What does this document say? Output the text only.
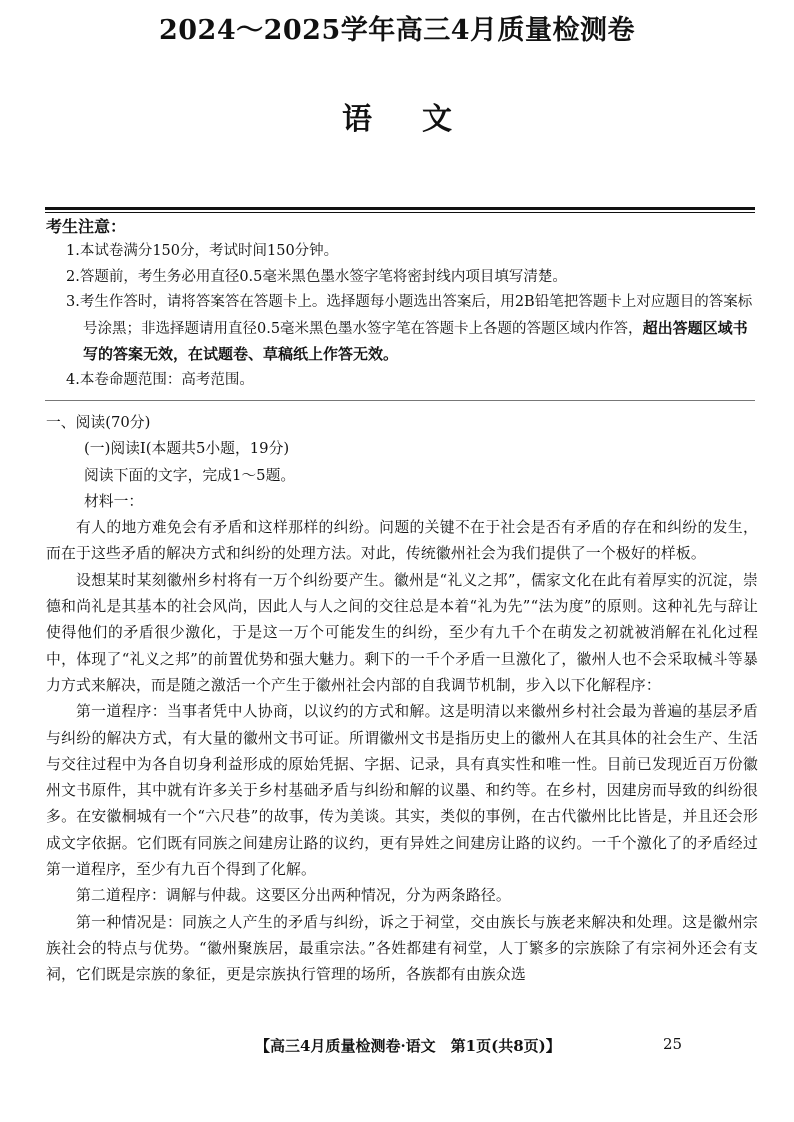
2024～2025学年高三4月质量检测卷
语文
考生注意：
1.本试卷满分150分，考试时间150分钟。
2.答题前，考生务必用直径0.5毫米黑色墨水签字笔将密封线内项目填写清楚。
3.考生作答时，请将答案答在答题卡上。选择题每小题选出答案后，用2B铅笔把答题卡上对应题目的答案标号涂黑；非选择题请用直径0.5毫米黑色墨水签字笔在答题卡上各题的答题区域内作答，超出答题区域书写的答案无效，在试题卷、草稿纸上作答无效。
4.本卷命题范围：高考范围。
一、阅读(70分)
(一)阅读Ⅰ(本题共5小题，19分)
阅读下面的文字，完成1～5题。
材料一：
有人的地方难免会有矛盾和这样那样的纠纷。问题的关键不在于社会是否有矛盾的存在和纠纷的发生，而在于这些矛盾的解决方式和纠纷的处理方法。对此，传统徽州社会为我们提供了一个极好的样板。
设想某时某刻徽州乡村将有一万个纠纷要产生。徽州是“礼义之邦”，儒家文化在此有着厚实的沉淀，崇德和尚礼是其基本的社会风尚，因此人与人之间的交往总是本着“礼为先”“法为度”的原则。这种礼先与辞让使得他们的矛盾很少激化，于是这一万个可能发生的纠纷，至少有九千个在萌发之初就被消解在礼化过程中，体现了“礼义之邦”的前置优势和强大魅力。剩下的一千个矛盾一旦激化了，徽州人也不会采取械斗等暴力方式来解决，而是随之激活一个产生于徽州社会内部的自我调节机制，步入以下化解程序：
第一道程序：当事者凭中人协商，以议约的方式和解。这是明清以来徽州乡村社会最为普遍的基层矛盾与纠纷的解决方式，有大量的徽州文书可证。所谓徽州文书是指历史上的徽州人在其具体的社会生产、生活与交往过程中为各自切身利益形成的原始凭据、字据、记录，具有真实性和唯一性。目前已发现近百万份徽州文书原件，其中就有许多关于乡村基础矛盾与纠纷和解的议墨、和约等。在乡村，因建房而导致的纠纷很多。在安徽桐城有一个“六尺巷”的故事，传为美谈。其实，类似的事例，在古代徽州比比皆是，并且还会形成文字依据。它们既有同族之间建房让路的议约，更有异姓之间建房让路的议约。一千个激化了的矛盾经过第一道程序，至少有九百个得到了化解。
第二道程序：调解与仲裁。这要区分出两种情况，分为两条路径。
第一种情况是：同族之人产生的矛盾与纠纷，诉之于祠堂，交由族长与族老来解决和处理。这是徽州宗族社会的特点与优势。“徽州聚族居，最重宗法。”各姓都建有祠堂，人丁繁多的宗族除了有宗祠外还会有支祠，它们既是宗族的象征，更是宗族执行管理的场所，各族都有由族众选
【高三4月质量检测卷·语文　第1页(共8页)】	25
